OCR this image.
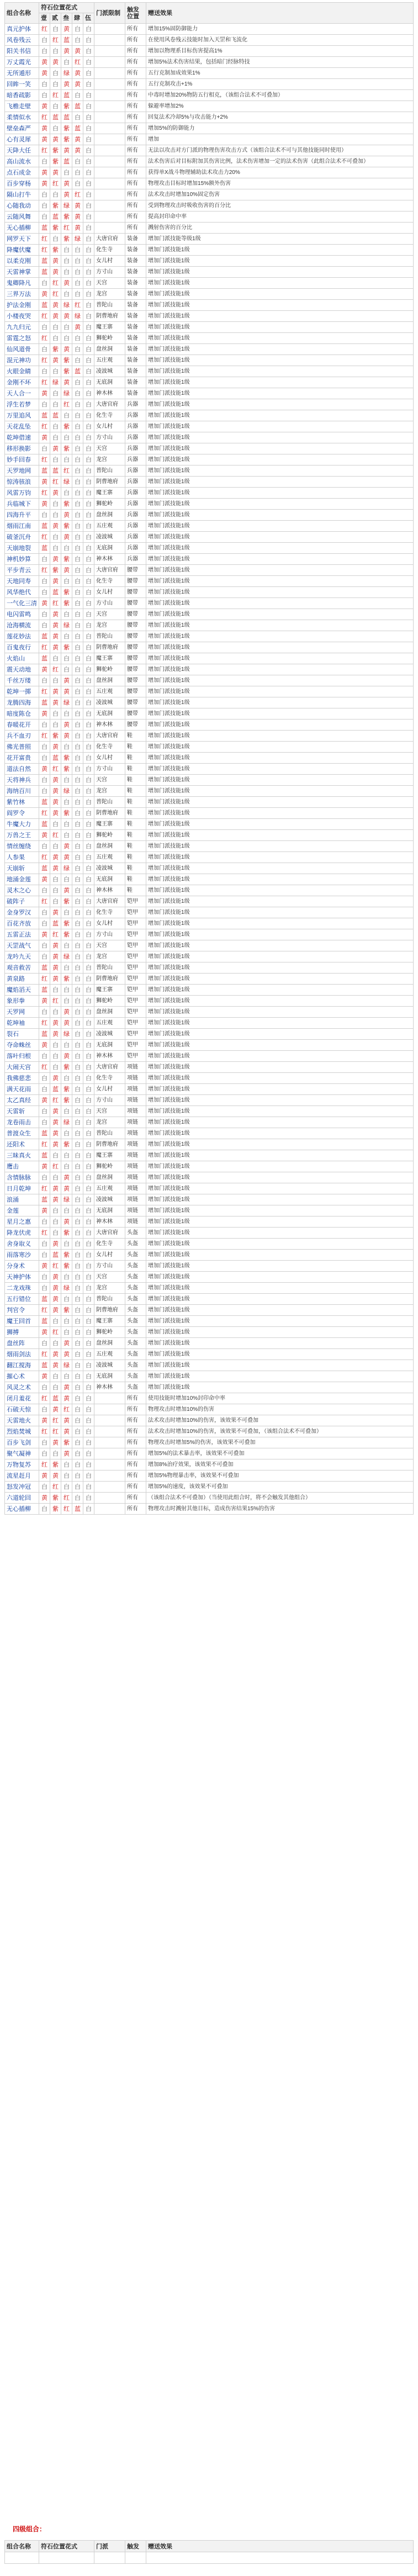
组合名称	符石位置花式					门派限制	触发位置	赠送效果
	壹	贰	叁	肆	伍			
真元护体	红	白	黄	白	白		所有	增加15%固防御能力
风卷残云	白	红	蓝	白	白		所有	在使用风卷残云技能时加入天罡和飞流化
阳关书信	白	白	黄	黄	白		所有	增加以物理系目标伤害提高1%
万丈霞光	黄	黄	白	红	白		所有	增加5%法术伤害结果，包括暗门经脉特技
无所遁形	黄	白	绿	黄	白		所有	五行克制加成效果1%
回眸一笑	白	白	黄	黄	白		所有	五行克制攻击+1%
暗香疏影	白	红	蓝	白	白		所有	中毒时增加20%物防五行相克，（该组合法术不可叠加）
飞檐走壁	黄	白	紫	蓝	白		所有	躲避率增加2%
柔情似水	红	蓝	蓝	白	白		所有	回复法术冷却5%与攻击能力+2%
壁垒森严	黄	白	紫	蓝	白		所有	增加5%的防御能力
心有灵犀	黄	黄	紫	黄	白		所有	增加
天降大任	红	紫	黄	黄	白		所有	无法以攻击对方门派的物理伤害攻击方式（该组合法术不可与其他技能同时使用）
高山流水	白	紫	蓝	白	白		所有	法术伤害后对目标附加其伤害比例，法术伤害增加一定的法术伤害（此组合法术不可叠加）
点石成金	黄	黄	白	白	白		所有	获得单X战斗物理辅助法术攻击力20%
百步穿杨	黄	红	黄	白	白		所有	物理攻击目标时增加15%额外伤害
隔山打牛	白	白	黄	红	白		所有	法术攻击时增加10%固定伤害
心随我动	白	紫	绿	黄	白		所有	受到物理攻击时吸收伤害的百分比
云随风舞	白	蓝	紫	黄	白		所有	提高封印命中率
无心插柳	蓝	紫	红	黄	白		所有	溅射伤害的百分比
网罗天下	红	白	紫	绿	白	大唐官府	装备	增加门派技能等级1级
降魔伏魔	红	紫	白	白	白	化生寺	装备	增加门派技能1级
以柔克刚	蓝	黄	白	白	白	女儿村	装备	增加门派技能1级
天雷神掌	蓝	黄	白	白	白	方寸山	装备	增加门派技能1级
鬼卿降凡	白	红	黄	白	白	天宫	装备	增加门派技能1级
三界万法	黄	红	白	白	白	龙宫	装备	增加门派技能1级
护法金刚	蓝	黄	绿	红	白	普陀山	装备	增加门派技能1级
小楼夜哭	红	黄	黄	绿	白	阴曹地府	装备	增加门派技能1级
九九归元	白	白	白	黄	白	魔王寨	装备	增加门派技能1级
雷霆之怒	红	白	白	白	白	狮驼岭	装备	增加门派技能1级
仙风道骨	白	紫	黄	白	白	盘丝洞	装备	增加门派技能1级
混元神功	红	黄	紫	白	白	五庄观	装备	增加门派技能1级
火眼金睛	白	白	紫	蓝	白	凌波城	装备	增加门派技能1级
金刚不坏	红	绿	黄	白	白	无底洞	装备	增加门派技能1级
天人合一	黄	白	绿	白	白	神木林	装备	增加门派技能1级
浮生若梦	白	白	红	白	白	大唐官府	兵器	增加门派技能1级
万里追风	蓝	蓝	白	白	白	化生寺	兵器	增加门派技能1级
天花乱坠	红	白	紫	白	白	女儿村	兵器	增加门派技能1级
乾坤借速	黄	白	白	白	白	方寸山	兵器	增加门派技能1级
移形换影	白	黄	紫	白	白	天宫	兵器	增加门派技能1级
妙手回春	红	白	白	白	白	龙宫	兵器	增加门派技能1级
天罗地网	蓝	蓝	红	白	白	普陀山	兵器	增加门派技能1级
惊涛骇浪	黄	红	绿	白	白	阴曹地府	兵器	增加门派技能1级
风雷万钧	红	黄	白	白	白	魔王寨	兵器	增加门派技能1级
兵临城下	黄	白	紫	白	白	狮驼岭	兵器	增加门派技能1级
四海升平	白	白	黄	白	白	盘丝洞	兵器	增加门派技能1级
烟雨江南	蓝	黄	紫	白	白	五庄观	兵器	增加门派技能1级
破釜沉舟	红	白	黄	白	白	凌波城	兵器	增加门派技能1级
天崩地裂	蓝	白	白	白	白	无底洞	兵器	增加门派技能1级
神机妙算	白	黄	紫	白	白	神木林	兵器	增加门派技能1级
平步青云	红	紫	黄	白	白	大唐官府	腰带	增加门派技能1级
天地同寿	白	黄	白	白	白	化生寺	腰带	增加门派技能1级
风华绝代	白	蓝	紫	白	白	女儿村	腰带	增加门派技能1级
一气化三清	黄	红	紫	白	白	方寸山	腰带	增加门派技能1级
电闪雷鸣	白	黄	白	白	白	天宫	腰带	增加门派技能1级
沧海横流	白	黄	绿	白	白	龙宫	腰带	增加门派技能1级
莲花妙法	蓝	黄	白	白	白	普陀山	腰带	增加门派技能1级
百鬼夜行	红	黄	紫	白	白	阴曹地府	腰带	增加门派技能1级
火焰山	蓝	白	白	白	白	魔王寨	腰带	增加门派技能1级
震天动地	黄	红	白	白	白	狮驼岭	腰带	增加门派技能1级
千丝万缕	白	白	黄	白	白	盘丝洞	腰带	增加门派技能1级
乾坤一掷	红	黄	黄	白	白	五庄观	腰带	增加门派技能1级
龙腾四海	蓝	黄	绿	白	白	凌波城	腰带	增加门派技能1级
暗度陈仓	黄	白	白	白	白	无底洞	腰带	增加门派技能1级
春暖花开	白	白	黄	白	白	神木林	腰带	增加门派技能1级
兵不血刃	红	紫	黄	白	白	大唐官府	鞋	增加门派技能1级
佛光普照	白	黄	白	白	白	化生寺	鞋	增加门派技能1级
花开富贵	白	蓝	紫	白	白	女儿村	鞋	增加门派技能1级
道法自然	黄	红	紫	白	白	方寸山	鞋	增加门派技能1级
天将神兵	白	黄	白	白	白	天宫	鞋	增加门派技能1级
海纳百川	白	黄	绿	白	白	龙宫	鞋	增加门派技能1级
紫竹林	蓝	黄	白	白	白	普陀山	鞋	增加门派技能1级
阎罗令	红	黄	紫	白	白	阴曹地府	鞋	增加门派技能1级
牛魔大力	蓝	白	白	白	白	魔王寨	鞋	增加门派技能1级
万兽之王	黄	红	白	白	白	狮驼岭	鞋	增加门派技能1级
情丝缠绕	白	白	黄	白	白	盘丝洞	鞋	增加门派技能1级
人参果	红	黄	黄	白	白	五庄观	鞋	增加门派技能1级
天崩斩	蓝	黄	绿	白	白	凌波城	鞋	增加门派技能1级
地涌金莲	黄	白	白	白	白	无底洞	鞋	增加门派技能1级
灵木之心	白	白	黄	白	白	神木林	鞋	增加门派技能1级
破阵子	红	白	紫	白	白	大唐官府	铠甲	增加门派技能1级
金身罗汉	白	黄	白	白	白	化生寺	铠甲	增加门派技能1级
百花齐放	白	蓝	紫	白	白	女儿村	铠甲	增加门派技能1级
五雷正法	黄	红	紫	白	白	方寸山	铠甲	增加门派技能1级
天罡战气	白	黄	白	白	白	天宫	铠甲	增加门派技能1级
龙吟九天	白	黄	绿	白	白	龙宫	铠甲	增加门派技能1级
观音救苦	蓝	黄	白	白	白	普陀山	铠甲	增加门派技能1级
黄泉路	红	黄	紫	白	白	阴曹地府	铠甲	增加门派技能1级
魔焰滔天	蓝	白	白	白	白	魔王寨	铠甲	增加门派技能1级
象形拳	黄	红	白	白	白	狮驼岭	铠甲	增加门派技能1级
天罗网	白	白	黄	白	白	盘丝洞	铠甲	增加门派技能1级
乾坤袖	红	黄	黄	白	白	五庄观	铠甲	增加门派技能1级
裂石	蓝	黄	绿	白	白	凌波城	铠甲	增加门派技能1级
夺命蛛丝	黄	白	白	白	白	无底洞	铠甲	增加门派技能1级
落叶归根	白	白	黄	白	白	神木林	铠甲	增加门派技能1级
大闹天宫	红	白	紫	白	白	大唐官府	项链	增加门派技能1级
我佛慈悲	白	黄	白	白	白	化生寺	项链	增加门派技能1级
满天花雨	白	蓝	紫	白	白	女儿村	项链	增加门派技能1级
太乙真经	黄	红	紫	白	白	方寸山	项链	增加门派技能1级
天雷斩	白	黄	白	白	白	天宫	项链	增加门派技能1级
龙卷雨击	白	黄	绿	白	白	龙宫	项链	增加门派技能1级
普渡众生	蓝	黄	白	白	白	普陀山	项链	增加门派技能1级
还阳术	红	黄	紫	白	白	阴曹地府	项链	增加门派技能1级
三昧真火	蓝	白	白	白	白	魔王寨	项链	增加门派技能1级
鹰击	黄	红	白	白	白	狮驼岭	项链	增加门派技能1级
含情脉脉	白	白	黄	白	白	盘丝洞	项链	增加门派技能1级
日月乾坤	红	黄	黄	白	白	五庄观	项链	增加门派技能1级
浪涌	蓝	黄	绿	白	白	凌波城	项链	增加门派技能1级
金莲	黄	白	白	白	白	无底洞	项链	增加门派技能1级
星月之惠	白	白	黄	白	白	神木林	项链	增加门派技能1级
降龙伏虎	红	白	紫	白	白	大唐官府	头盔	增加门派技能1级
舍身取义	白	黄	白	白	白	化生寺	头盔	增加门派技能1级
雨落寒沙	白	蓝	紫	白	白	女儿村	头盔	增加门派技能1级
分身术	黄	红	紫	白	白	方寸山	头盔	增加门派技能1级
天神护体	白	黄	白	白	白	天宫	头盔	增加门派技能1级
二龙戏珠	白	黄	绿	白	白	龙宫	头盔	增加门派技能1级
五行错位	蓝	黄	白	白	白	普陀山	头盔	增加门派技能1级
判官令	红	黄	紫	白	白	阴曹地府	头盔	增加门派技能1级
魔王回首	蓝	白	白	白	白	魔王寨	头盔	增加门派技能1级
狮搏	黄	红	白	白	白	狮驼岭	头盔	增加门派技能1级
盘丝阵	白	白	黄	白	白	盘丝洞	头盔	增加门派技能1级
烟雨剑法	红	黄	黄	白	白	五庄观	头盔	增加门派技能1级
翻江搅海	蓝	黄	绿	白	白	凌波城	头盔	增加门派技能1级
摧心术	黄	白	白	白	白	无底洞	头盔	增加门派技能1级
风灵之术	白	白	黄	白	白	神木林	头盔	增加门派技能1级
闭月羞花	红	蓝	黄	白	白		所有	使用技能时增加10%封印命中率
石破天惊	白	黄	红	白	白		所有	物理攻击时增加10%的伤害
天雷地火	黄	红	黄	白	白		所有	法术攻击时增加10%的伤害，该效果不可叠加
烈焰焚城	红	红	黄	白	白		所有	法术攻击时增加10%的伤害，该效果不可叠加，（该组合法术不可叠加）
百步飞剑	白	黄	紫	白	白		所有	物理攻击时增加5%的伤害，该效果不可叠加
聚气凝神	白	白	黄	白	白		所有	增加5%的法术暴击率，该效果不可叠加
万物复苏	红	紫	白	白	白		所有	增加8%治疗效果，该效果不可叠加
流星赶月	黄	黄	白	白	白		所有	增加5%物理暴击率，该效果不可叠加
怒发冲冠	白	红	白	白	白		所有	增加5%的速度，该效果不可叠加
六道轮回	黄	紫	红	白	白		所有	（该组合法术不可叠加）（当使用此组合时，将不会触发其他组合）
无心插柳	白	紫	红	蓝	白		所有	物理攻击时溅射其他目标，造成伤害结果15%的伤害
四级组合：
组合名称	符石位置花式	门派	触发	赠送效果
